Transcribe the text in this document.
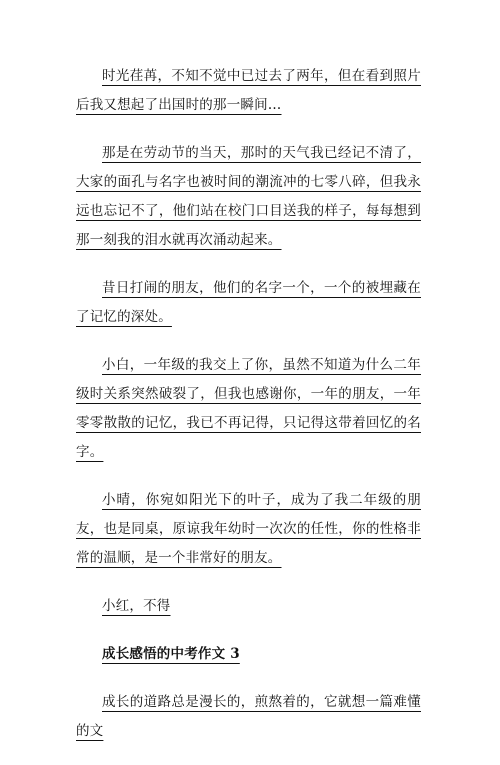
时光荏苒，不知不觉中已过去了两年，但在看到照片后我又想起了出国时的那一瞬间…

那是在劳动节的当天，那时的天气我已经记不清了，大家的面孔与名字也被时间的潮流冲的七零八碎，但我永远也忘记不了，他们站在校门口目送我的样子，每每想到那一刻我的泪水就再次涌动起来。

昔日打闹的朋友，他们的名字一个，一个的被埋藏在了记忆的深处。

小白，一年级的我交上了你，虽然不知道为什么二年级时关系突然破裂了，但我也感谢你，一年的朋友，一年零零散散的记忆，我已不再记得，只记得这带着回忆的名字。

小晴，你宛如阳光下的叶子，成为了我二年级的朋友，也是同桌，原谅我年幼时一次次的任性，你的性格非常的温顺，是一个非常好的朋友。

小红，不得

成长感悟的中考作文 3

成长的道路总是漫长的，煎熬着的，它就想一篇难懂的文
